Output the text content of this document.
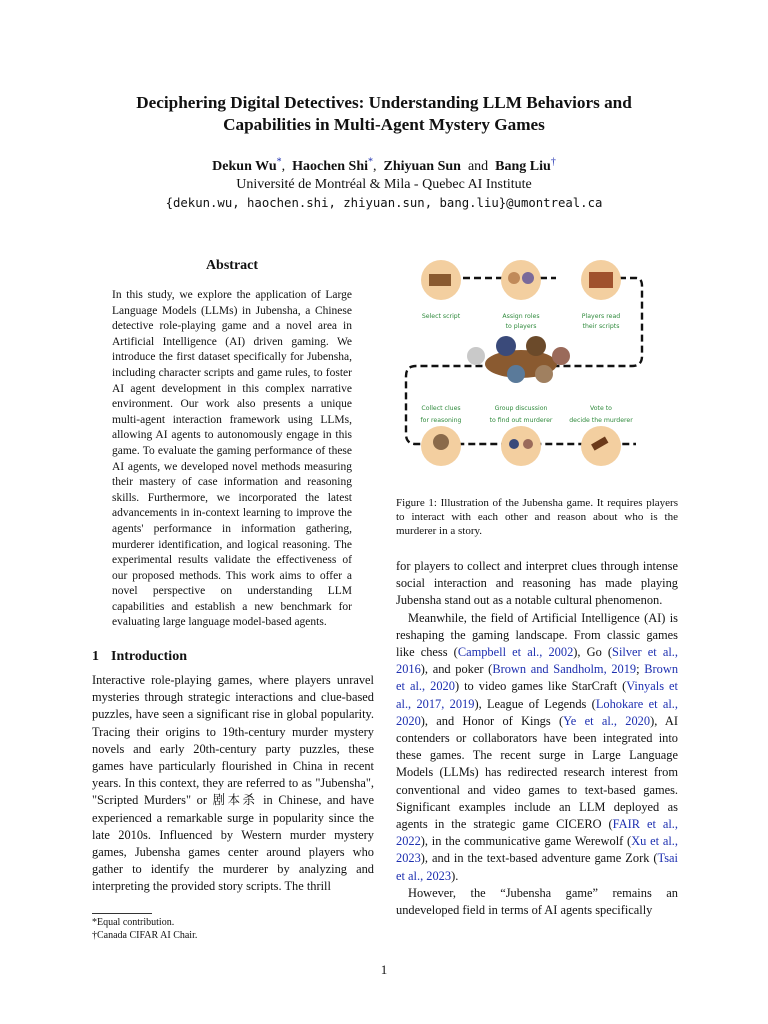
Deciphering Digital Detectives: Understanding LLM Behaviors and
Capabilities in Multi-Agent Mystery Games
Dekun Wu*,  Haochen Shi*,  Zhiyuan Sun and Bang Liu†
Université de Montréal & Mila - Quebec AI Institute
{dekun.wu, haochen.shi, zhiyuan.sun, bang.liu}@umontreal.ca
Abstract

In this study, we explore the application of Large Language Models (LLMs) in Jubensha, a Chinese detective role-playing game and a novel area in Artificial Intelligence (AI) driven gaming. We introduce the first dataset specifically for Jubensha, including character scripts and game rules, to foster AI agent development in this complex narrative environment. Our work also presents a unique multi-agent interaction framework using LLMs, allowing AI agents to autonomously engage in this game. To evaluate the gaming performance of these AI agents, we developed novel methods measuring their mastery of case information and reasoning skills. Furthermore, we incorporated the latest advancements in in-context learning to improve the agents' performance in information gathering, murderer identification, and logical reasoning. The experimental results validate the effectiveness of our proposed methods. This work aims to offer a novel perspective on understanding LLM capabilities and establish a new benchmark for evaluating large language model-based agents.

1 Introduction

Interactive role-playing games, where players unravel mysteries through strategic interactions and clue-based puzzles, have seen a significant rise in global popularity. Tracing their origins to 19th-century murder mystery novels and early 20th-century party puzzles, these games have particularly flourished in China in recent years. In this context, they are referred to as "Jubensha", "Scripted Murders" or 剧本杀 in Chinese, and have experienced a remarkable surge in popularity since the late 2010s. Influenced by Western murder mystery games, Jubensha games center around players who gather to identify the murderer by analyzing and interpreting the provided story scripts. The thrill

Select script	Assign roles
to players
Players read
their scripts
Collect clues
for reasoning
Group discussion
to find out murderer
Vote to
decide the murderer
Figure 1: Illustration of the Jubensha game. It requires players to interact with each other and reason about who is the murderer in a story.

for players to collect and interpret clues through intense social interaction and reasoning has made playing Jubensha stand out as a notable cultural phenomenon.

Meanwhile, the field of Artificial Intelligence (AI) is reshaping the gaming landscape. From classic games like chess (Campbell et al., 2002), Go (Silver et al., 2016), and poker (Brown and Sandholm, 2019; Brown et al., 2020) to video games like StarCraft (Vinyals et al., 2017, 2019), League of Legends (Lohokare et al., 2020), and Honor of Kings (Ye et al., 2020), AI contenders or collaborators have been integrated into these games. The recent surge in Large Language Models (LLMs) has redirected research interest from conventional and video games to text-based games. Significant examples include an LLM deployed as agents in the strategic game CICERO (FAIR et al., 2022), in the communicative game Werewolf (Xu et al., 2023), and in the text-based adventure game Zork (Tsai et al., 2023).

However, the “Jubensha game” remains an undeveloped field in terms of AI agents specifically

*Equal contribution.
†Canada CIFAR AI Chair.
1
